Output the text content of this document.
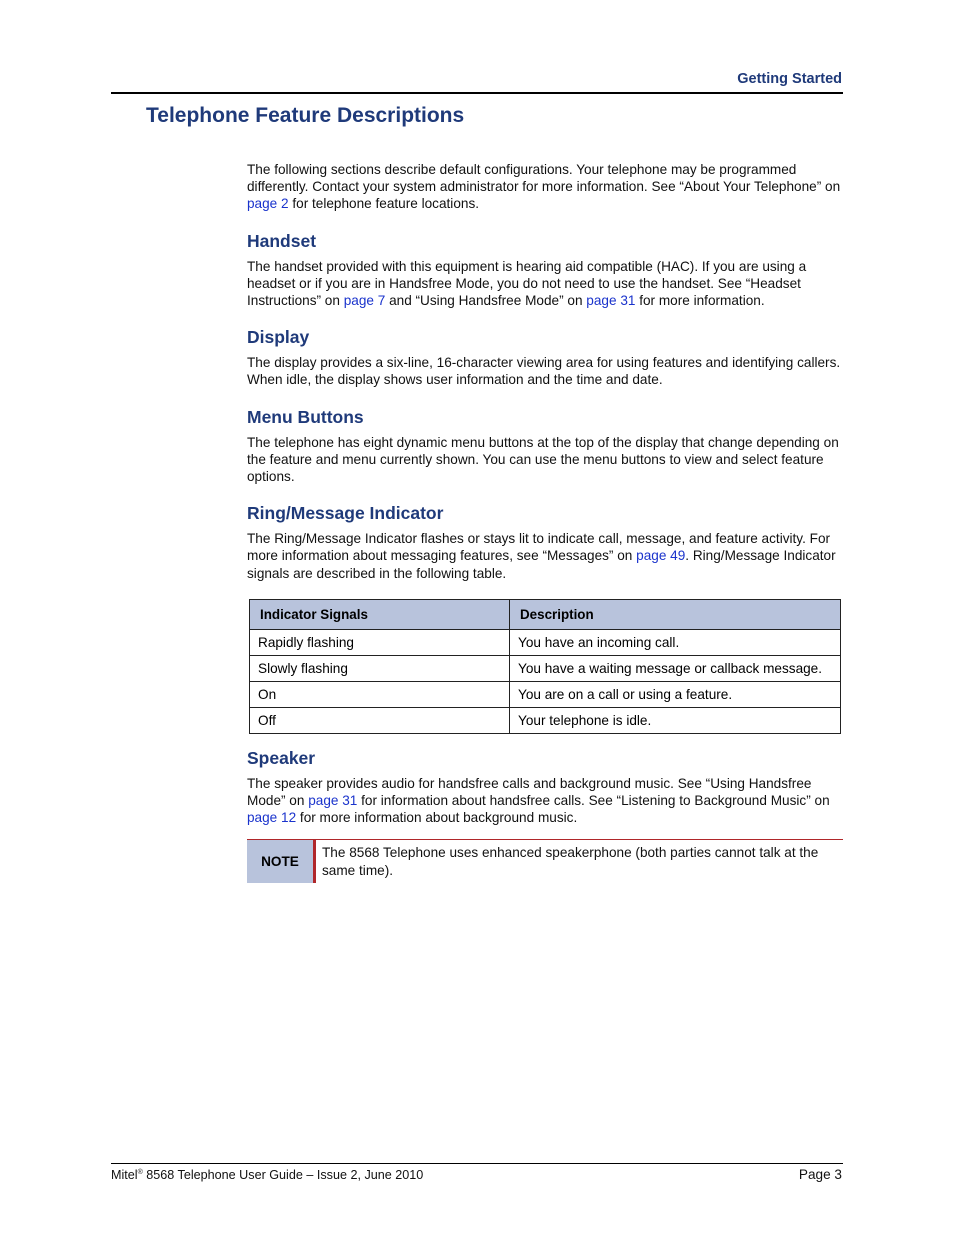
Getting Started
Telephone Feature Descriptions

The following sections describe default configurations. Your telephone may be programmed differently. Contact your system administrator for more information. See “About Your Telephone” on page 2 for telephone feature locations.

Handset

The handset provided with this equipment is hearing aid compatible (HAC). If you are using a headset or if you are in Handsfree Mode, you do not need to use the handset. See “Headset Instructions” on page 7 and “Using Handsfree Mode” on page 31 for more information.

Display

The display provides a six-line, 16-character viewing area for using features and identifying callers. When idle, the display shows user information and the time and date.

Menu Buttons

The telephone has eight dynamic menu buttons at the top of the display that change depending on the feature and menu currently shown. You can use the menu buttons to view and select feature options.

Ring/Message Indicator

The Ring/Message Indicator flashes or stays lit to indicate call, message, and feature activity. For more information about messaging features, see “Messages” on page 49. Ring/Message Indicator signals are described in the following table.

Indicator Signals	Description
Rapidly flashing	You have an incoming call.
Slowly flashing	You have a waiting message or callback message.
On	You are on a call or using a feature.
Off	Your telephone is idle.
Speaker

The speaker provides audio for handsfree calls and background music. See “Using Handsfree Mode” on page 31 for information about handsfree calls. See “Listening to Background Music” on page 12 for more information about background music.

NOTE
The 8568 Telephone uses enhanced speakerphone (both parties cannot talk at the same time).
Mitel® 8568 Telephone User Guide – Issue 2, June 2010	Page 3
